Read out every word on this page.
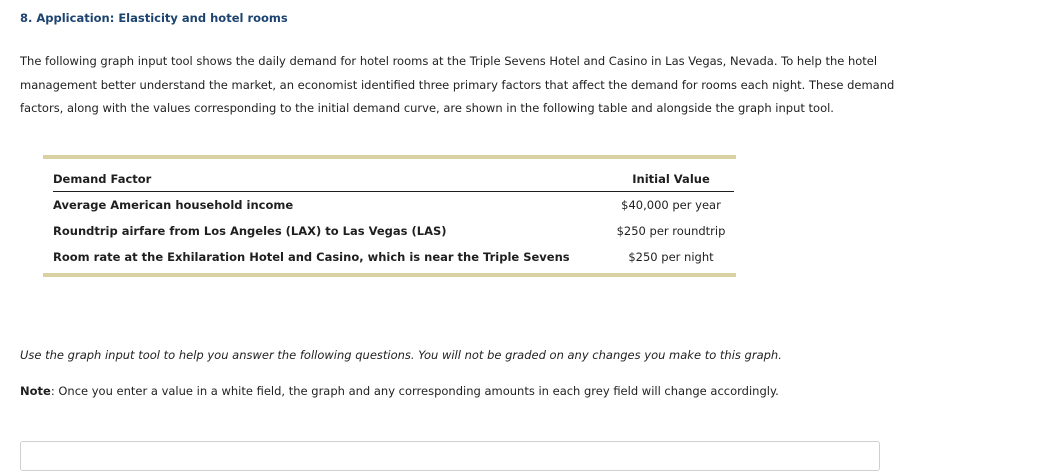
8. Application: Elasticity and hotel rooms
The following graph input tool shows the daily demand for hotel rooms at the Triple Sevens Hotel and Casino in Las Vegas, Nevada. To help the hotel
management better understand the market, an economist identified three primary factors that affect the demand for rooms each night. These demand
factors, along with the values corresponding to the initial demand curve, are shown in the following table and alongside the graph input tool.
Demand Factor	Initial Value
Average American household income	$40,000 per year
Roundtrip airfare from Los Angeles (LAX) to Las Vegas (LAS)	$250 per roundtrip
Room rate at the Exhilaration Hotel and Casino, which is near the Triple Sevens	$250 per night
Use the graph input tool to help you answer the following questions. You will not be graded on any changes you make to this graph.
Note: Once you enter a value in a white field, the graph and any corresponding amounts in each grey field will change accordingly.
